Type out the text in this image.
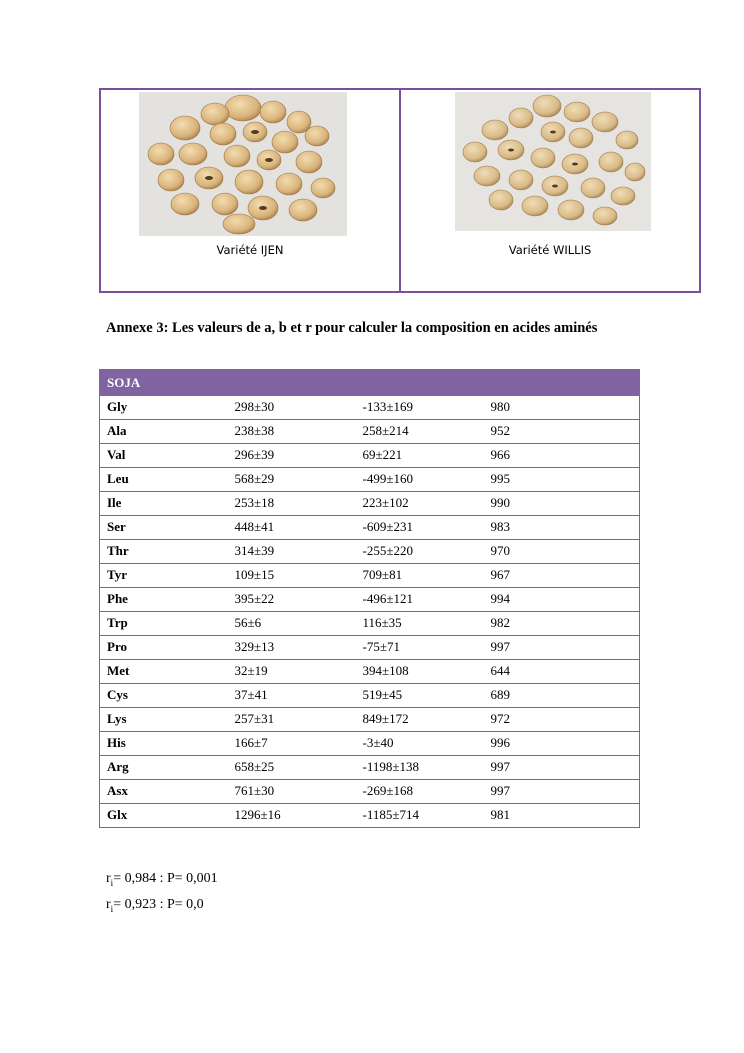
Variété IJEN	Variété WILLIS
Annexe 3: Les valeurs de a, b et r pour calculer la composition en acides aminés
SOJA			
Gly	298±30	-133±169	980
Ala	238±38	258±214	952
Val	296±39	69±221	966
Leu	568±29	-499±160	995
Ile	253±18	223±102	990
Ser	448±41	-609±231	983
Thr	314±39	-255±220	970
Tyr	109±15	709±81	967
Phe	395±22	-496±121	994
Trp	56±6	116±35	982
Pro	329±13	-75±71	997
Met	32±19	394±108	644
Cys	37±41	519±45	689
Lys	257±31	849±172	972
His	166±7	-3±40	996
Arg	658±25	-1198±138	997
Asx	761±30	-269±168	997
Glx	1296±16	-1185±714	981
$r_i= 0,984$ : P= 0,001
$r_i= 0,923$ : P= 0,0
